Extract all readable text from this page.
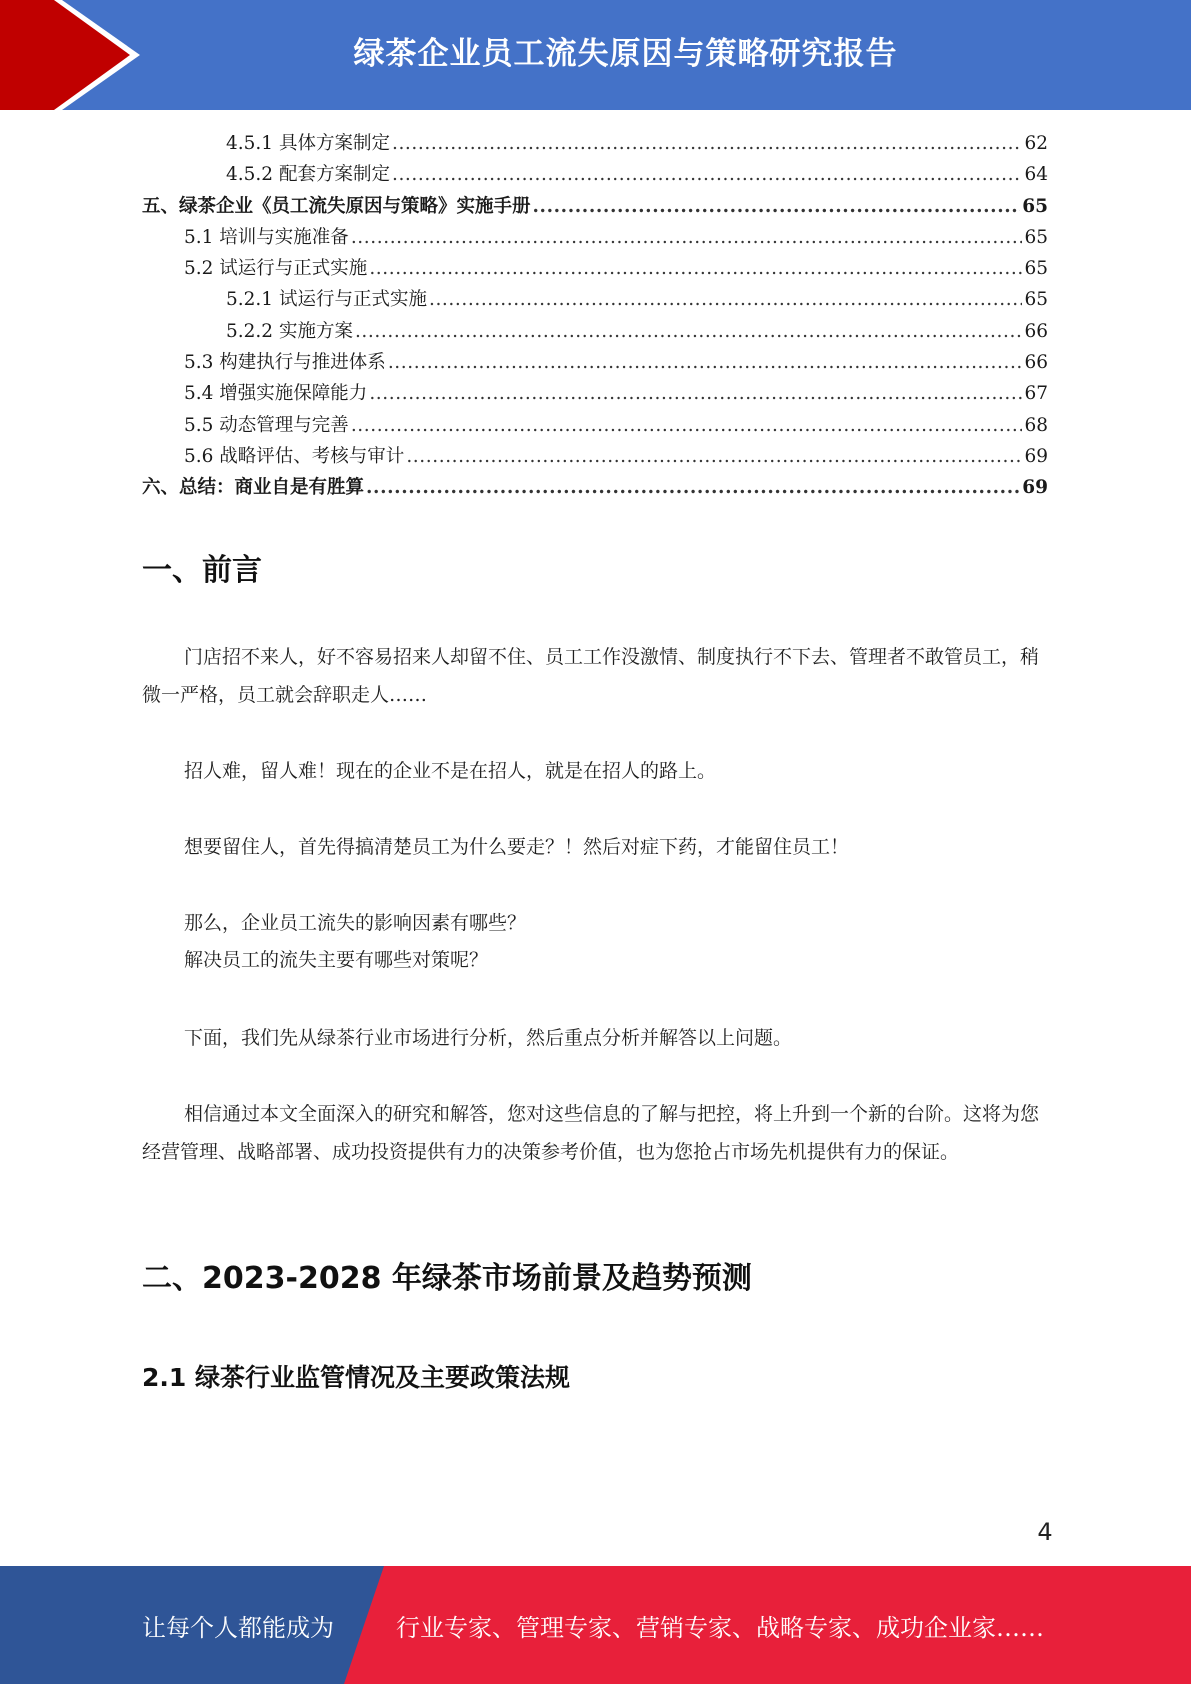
绿茶企业员工流失原因与策略研究报告
4.5.1 具体方案制定 .....	62
4.5.2 配套方案制定 .....	64
五、绿茶企业《员工流失原因与策略》实施手册 .....	65
5.1 培训与实施准备 .....	65
5.2 试运行与正式实施 .....	65
5.2.1 试运行与正式实施 .....	65
5.2.2 实施方案 .....	66
5.3 构建执行与推进体系 .....	66
5.4 增强实施保障能力 .....	67
5.5 动态管理与完善 .....	68
5.6 战略评估、考核与审计 .....	69
六、总结：商业自是有胜算 .....	69
一、前言

门店招不来人，好不容易招来人却留不住、员工工作没激情、制度执行不下去、管理者不敢管员工，稍微一严格，员工就会辞职走人……

招人难，留人难！现在的企业不是在招人，就是在招人的路上。

想要留住人，首先得搞清楚员工为什么要走？！然后对症下药，才能留住员工！

那么，企业员工流失的影响因素有哪些？

解决员工的流失主要有哪些对策呢？

下面，我们先从绿茶行业市场进行分析，然后重点分析并解答以上问题。

相信通过本文全面深入的研究和解答，您对这些信息的了解与把控，将上升到一个新的台阶。这将为您经营管理、战略部署、成功投资提供有力的决策参考价值，也为您抢占市场先机提供有力的保证。

二、2023-2028 年绿茶市场前景及趋势预测
2.1 绿茶行业监管情况及主要政策法规
4
让每个人都能成为	行业专家、管理专家、营销专家、战略专家、成功企业家……
